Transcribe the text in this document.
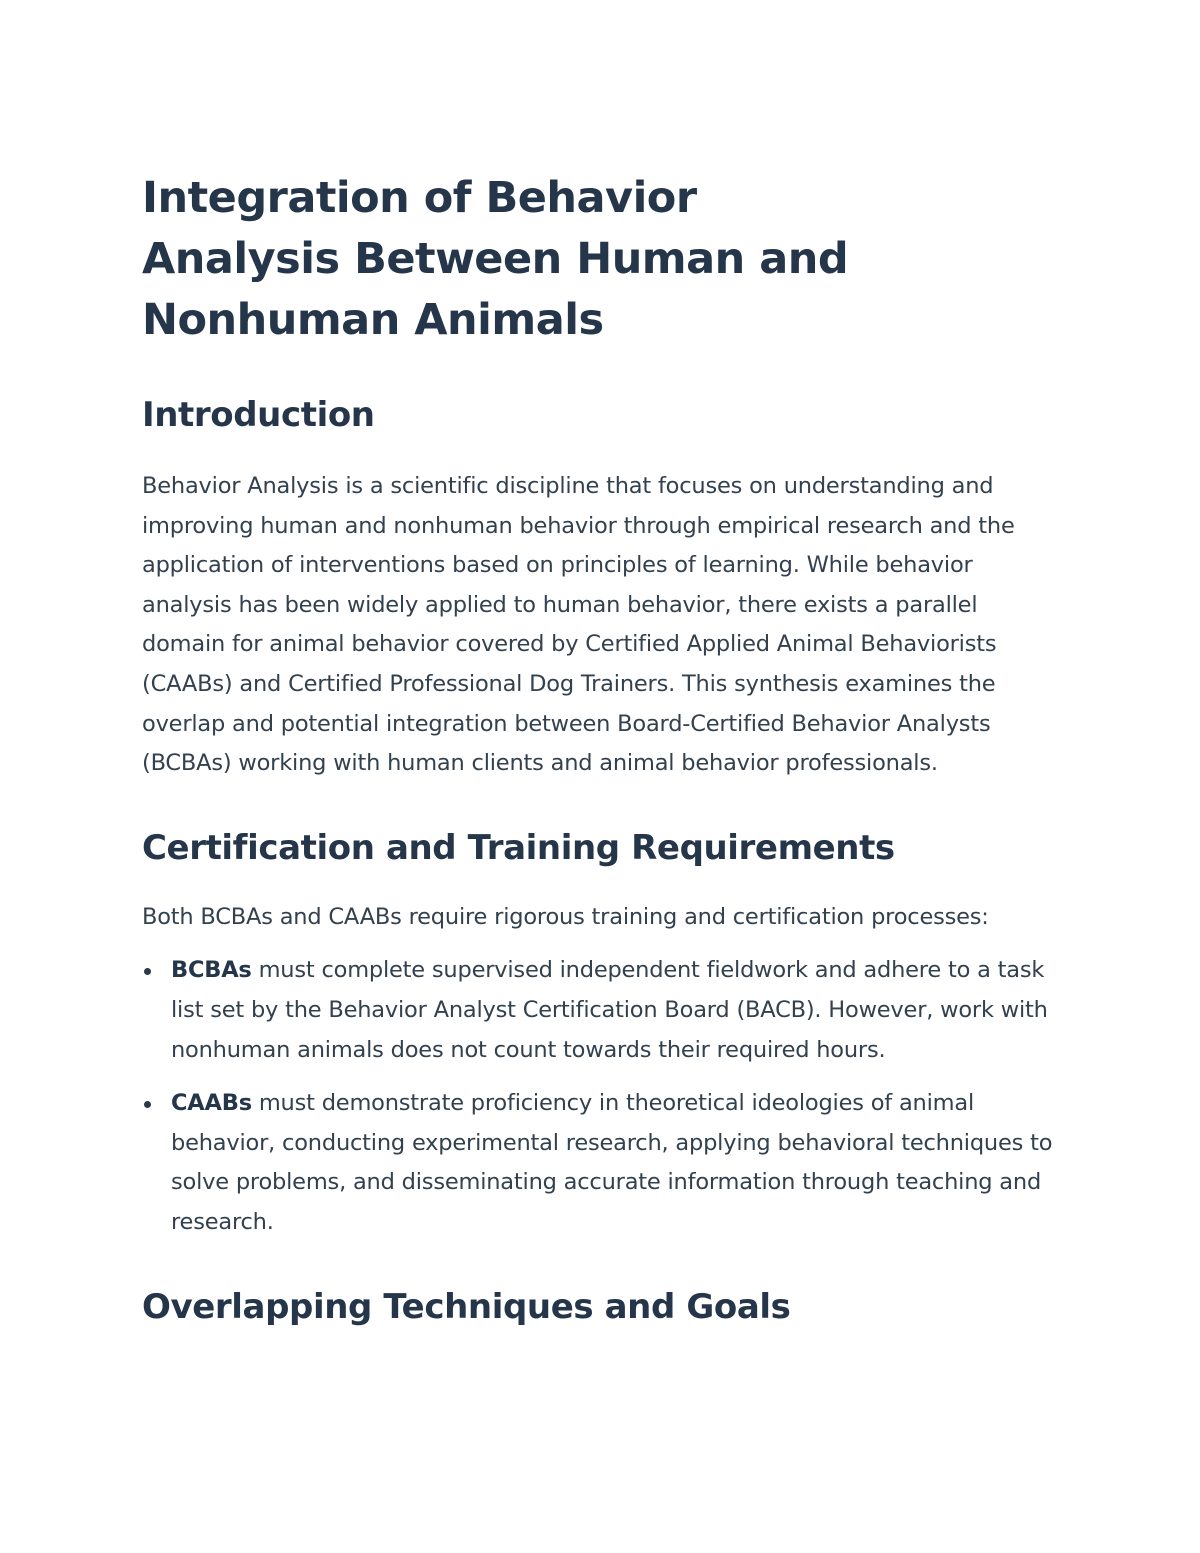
Integration of Behavior Analysis Between Human and Nonhuman Animals
Introduction

Behavior Analysis is a scientific discipline that focuses on understanding and improving human and nonhuman behavior through empirical research and the application of interventions based on principles of learning. While behavior analysis has been widely applied to human behavior, there exists a parallel domain for animal behavior covered by Certified Applied Animal Behaviorists (CAABs) and Certified Professional Dog Trainers. This synthesis examines the overlap and potential integration between Board-Certified Behavior Analysts (BCBAs) working with human clients and animal behavior professionals.

Certification and Training Requirements

Both BCBAs and CAABs require rigorous training and certification processes:

BCBAs must complete supervised independent fieldwork and adhere to a task list set by the Behavior Analyst Certification Board (BACB). However, work with nonhuman animals does not count towards their required hours.
CAABs must demonstrate proficiency in theoretical ideologies of animal behavior, conducting experimental research, applying behavioral techniques to solve problems, and disseminating accurate information through teaching and research.
Overlapping Techniques and Goals
